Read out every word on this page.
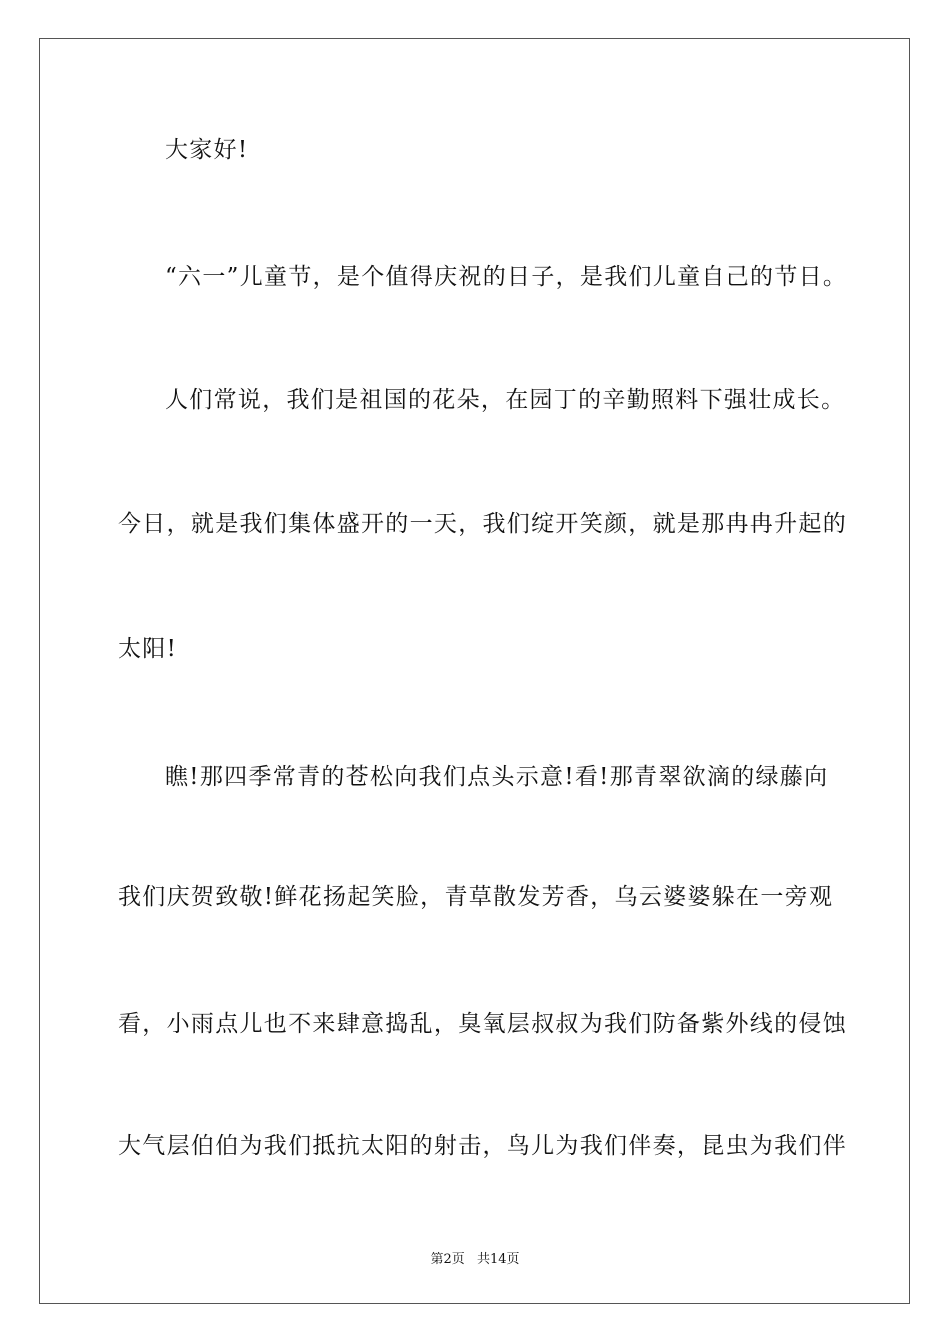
大家好!
“六一”儿童节，是个值得庆祝的日子，是我们儿童自己的节日。
人们常说，我们是祖国的花朵，在园丁的辛勤照料下强壮成长。
今日，就是我们集体盛开的一天，我们绽开笑颜，就是那冉冉升起的
太阳!
瞧!那四季常青的苍松向我们点头示意!看!那青翠欲滴的绿藤向
我们庆贺致敬!鲜花扬起笑脸，青草散发芳香，乌云婆婆躲在一旁观
看，小雨点儿也不来肆意捣乱，臭氧层叔叔为我们防备紫外线的侵蚀
大气层伯伯为我们抵抗太阳的射击，鸟儿为我们伴奏，昆虫为我们伴
第2页 共14页
